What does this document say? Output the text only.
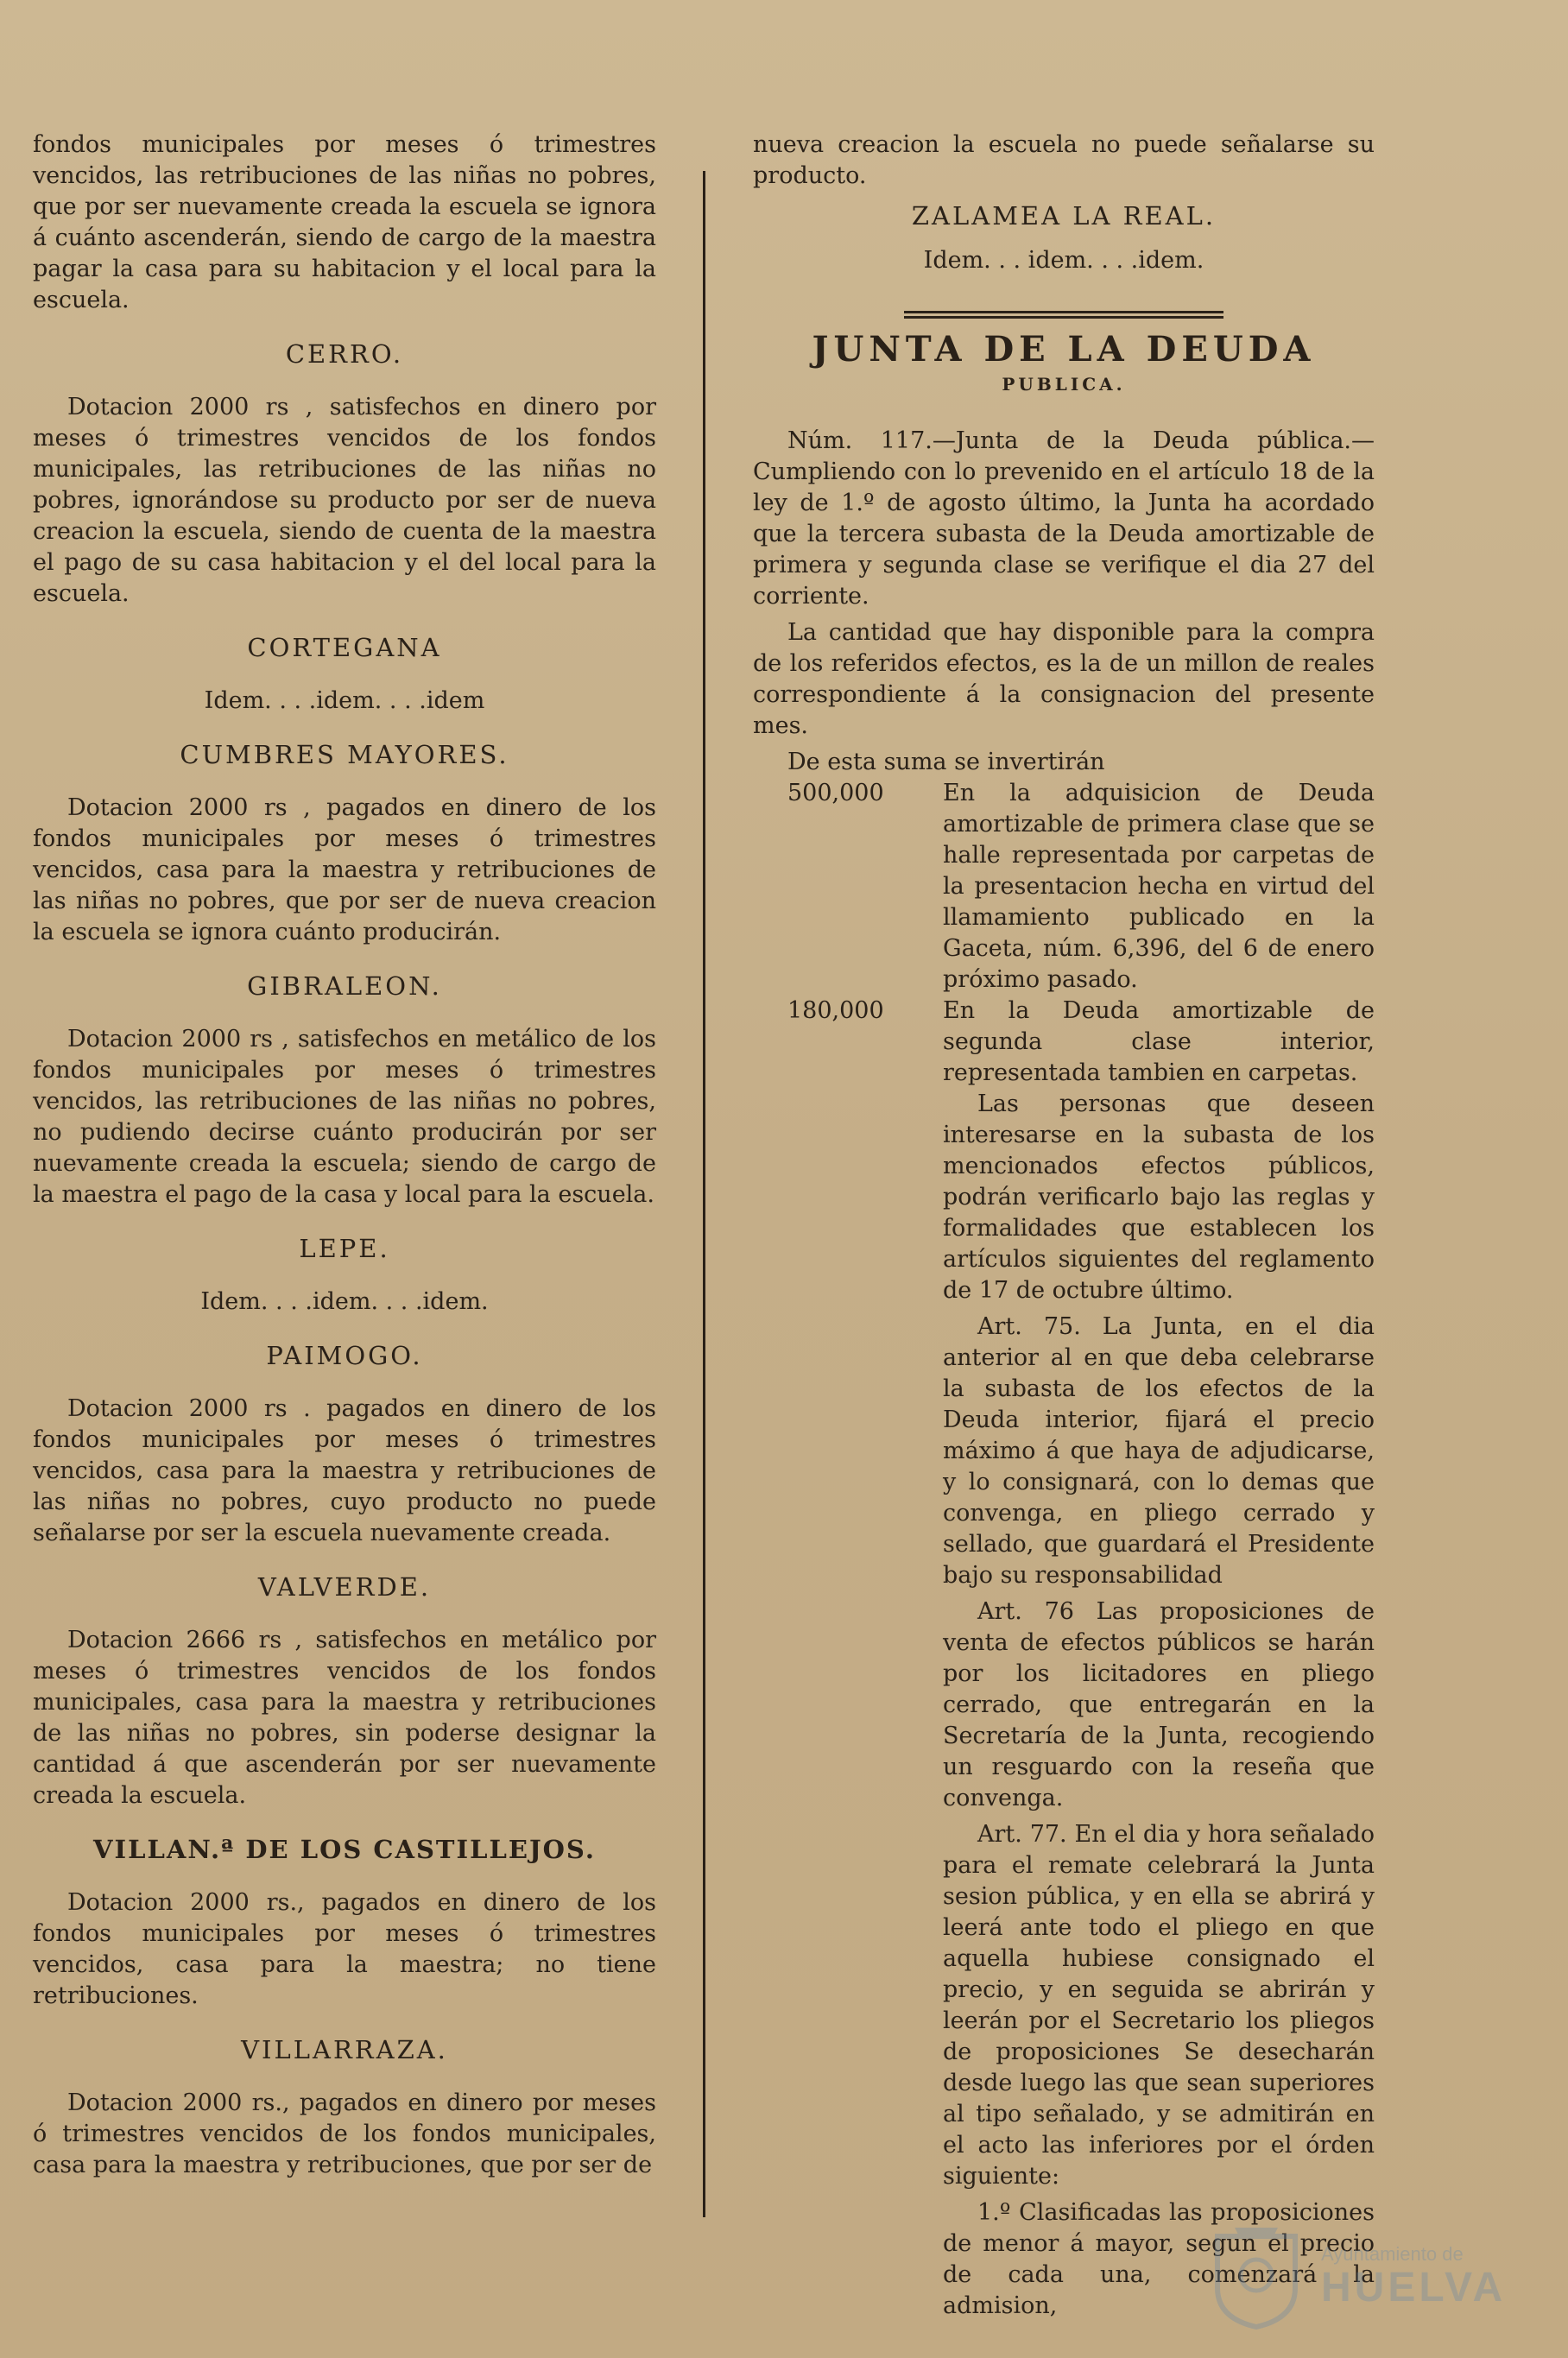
fondos municipales por meses ó trimestres vencidos, las retribuciones de las niñas no pobres, que por ser nuevamente creada la escuela se ignora á cuánto ascenderán, siendo de cargo de la maestra pagar la casa para su habitacion y el local para la escuela.

CERRO.

Dotacion 2000 rs , satisfechos en dinero por meses ó trimestres vencidos de los fondos municipales, las retribuciones de las niñas no pobres, ignorándose su producto por ser de nueva creacion la escuela, siendo de cuenta de la maestra el pago de su casa habitacion y el del local para la escuela.

CORTEGANA
Idem. . . .idem. . . .idem
CUMBRES MAYORES.

Dotacion 2000 rs , pagados en dinero de los fondos municipales por meses ó trimestres vencidos, casa para la maestra y retribuciones de las niñas no pobres, que por ser de nueva creacion la escuela se ignora cuánto producirán.

GIBRALEON.

Dotacion 2000 rs , satisfechos en metálico de los fondos municipales por meses ó trimestres vencidos, las retribuciones de las niñas no pobres, no pudiendo decirse cuánto producirán por ser nuevamente creada la escuela; siendo de cargo de la maestra el pago de la casa y local para la escuela.

LEPE.
Idem. . . .idem. . . .idem.
PAIMOGO.

Dotacion 2000 rs . pagados en dinero de los fondos municipales por meses ó trimestres vencidos, casa para la maestra y retribuciones de las niñas no pobres, cuyo producto no puede señalarse por ser la escuela nuevamente creada.

VALVERDE.

Dotacion 2666 rs , satisfechos en metálico por meses ó trimestres vencidos de los fondos municipales, casa para la maestra y retribuciones de las niñas no pobres, sin poderse designar la cantidad á que ascenderán por ser nuevamente creada la escuela.

VILLAN.ª DE LOS CASTILLEJOS.

Dotacion 2000 rs., pagados en dinero de los fondos municipales por meses ó trimestres vencidos, casa para la maestra; no tiene retribuciones.

VILLARRAZA.

Dotacion 2000 rs., pagados en dinero por meses ó trimestres vencidos de los fondos municipales, casa para la maestra y retribuciones, que por ser de

nueva creacion la escuela no puede señalarse su producto.

ZALAMEA LA REAL.
Idem. . . idem. . . .idem.
JUNTA DE LA DEUDA
PUBLICA.

Núm. 117.—Junta de la Deuda pública.—Cumpliendo con lo prevenido en el artículo 18 de la ley de 1.º de agosto último, la Junta ha acordado que la tercera subasta de la Deuda amortizable de primera y segunda clase se verifique el dia 27 del corriente.

La cantidad que hay disponible para la compra de los referidos efectos, es la de un millon de reales correspondiente á la consignacion del presente mes.

De esta suma se invertirán

500,000	En la adquisicion de Deuda amortizable de primera clase que se halle representada por carpetas de la presentacion hecha en virtud del llamamiento publicado en la Gaceta, núm. 6,396, del 6 de enero próximo pasado.
180,000	En la Deuda amortizable de segunda clase interior, representada tambien en carpetas.

Las personas que deseen interesarse en la subasta de los mencionados efectos públicos, podrán verificarlo bajo las reglas y formalidades que establecen los artículos siguientes del reglamento de 17 de octubre último.

Art. 75. La Junta, en el dia anterior al en que deba celebrarse la subasta de los efectos de la Deuda interior, fijará el precio máximo á que haya de adjudicarse, y lo consignará, con lo demas que convenga, en pliego cerrado y sellado, que guardará el Presidente bajo su responsabilidad

Art. 76 Las proposiciones de venta de efectos públicos se harán por los licitadores en pliego cerrado, que entregarán en la Secretaría de la Junta, recogiendo un resguardo con la reseña que convenga.

Art. 77. En el dia y hora señalado para el remate celebrará la Junta sesion pública, y en ella se abrirá y leerá ante todo el pliego en que aquella hubiese consignado el precio, y en seguida se abrirán y leerán por el Secretario los pliegos de proposiciones Se desecharán desde luego las que sean superiores al tipo señalado, y se admitirán en el acto las inferiores por el órden siguiente:

1.º Clasificadas las proposiciones de menor á mayor, segun el precio de cada una, comenzará la admision,

Ayuntamiento de
HUELVA
